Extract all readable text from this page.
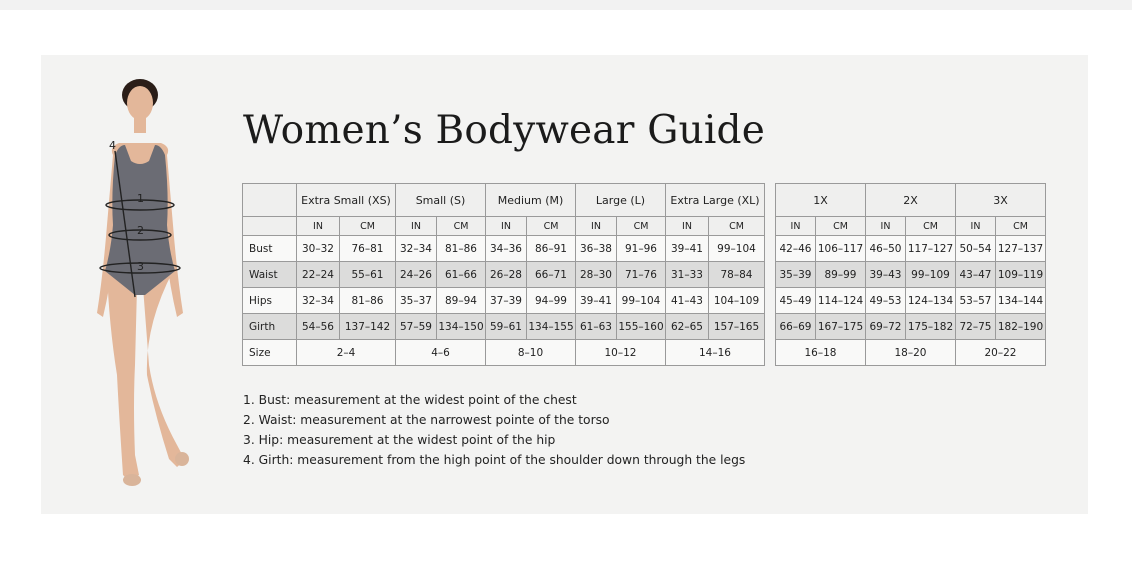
1
2
3
4	Women’s Bodywear Guide
	Extra Small (XS)		Small (S)		Medium (M)		Large (L)		Extra Large (XL)	
	IN	CM	IN	CM	IN	CM	IN	CM	IN	CM
Bust	30–32	76–81	32–34	81–86	34–36	86–91	36–38	91–96	39–41	99–104
Waist	22–24	55–61	24–26	61–66	26–28	66–71	28–30	71–76	31–33	78–84
Hips	32–34	81–86	35–37	89–94	37–39	94–99	39–41	99–104	41–43	104–109
Girth	54–56	137–142	57–59	134–150	59–61	134–155	61–63	155–160	62–65	157–165
Size	2–4		4–6		8–10		10–12		14–16	
1X		2X		3X	
IN	CM	IN	CM	IN	CM
42–46	106–117	46–50	117–127	50–54	127–137
35–39	89–99	39–43	99–109	43–47	109–119
45–49	114–124	49–53	124–134	53–57	134–144
66–69	167–175	69–72	175–182	72–75	182–190
16–18		18–20		20–22	
1. Bust: measurement at the widest point of the chest
2. Waist: measurement at the narrowest pointe of the torso
3. Hip: measurement at the widest point of the hip
4. Girth: measurement from the high point of the shoulder down through the legs
